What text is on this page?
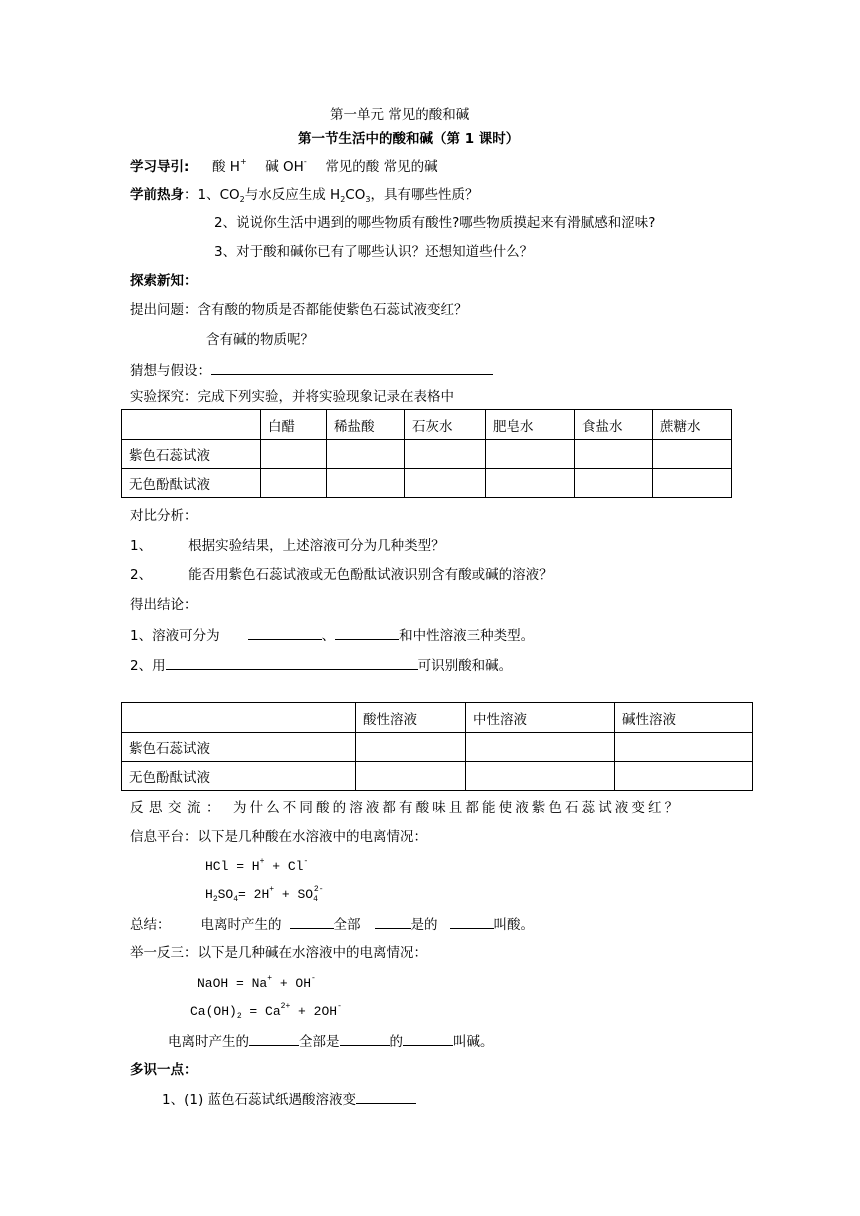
第一单元 常见的酸和碱
第一节生活中的酸和碱（第 1 课时）
学习导引: 酸 H+ 碱 OH- 常见的酸 常见的碱
学前热身：1、$CO_2$与水反应生成 $H_2CO_3$，具有哪些性质？
2、说说你生活中遇到的哪些物质有酸性?哪些物质摸起来有滑腻感和涩味?
3、对于酸和碱你已有了哪些认识？还想知道些什么？
探索新知：
提出问题：含有酸的物质是否都能使紫色石蕊试液变红？
含有碱的物质呢？
猜想与假设：
实验探究：完成下列实验，并将实验现象记录在表格中
	白醋	稀盐酸	石灰水	肥皂水	食盐水	蔗糖水
紫色石蕊试液						
无色酚酞试液						
对比分析：
1、	根据实验结果，上述溶液可分为几种类型？
2、	能否用紫色石蕊试液或无色酚酞试液识别含有酸或碱的溶液？
得出结论：
1、溶液可分为	、	和中性溶液三种类型。
2、用	可识别酸和碱。
	酸性溶液	中性溶液	碱性溶液
紫色石蕊试液			
无色酚酞试液			
反思交流： 为什么不同酸的溶液都有酸味且都能使液紫色石蕊试液变红？
信息平台：以下是几种酸在水溶液中的电离情况：
HCl = H+ + Cl-
$H_2SO_4= 2H^+ + SO_4^{2-}$
总结： 电离时产生的	全部	是的	叫酸。
举一反三：以下是几种碱在水溶液中的电离情况：
NaOH = Na+ + OH-
$Ca(OH)_2 = Ca^{2+} + 2OH^-$
电离时产生的	全部是	的	叫碱。
多识一点：
1、(1) 蓝色石蕊试纸遇酸溶液变
